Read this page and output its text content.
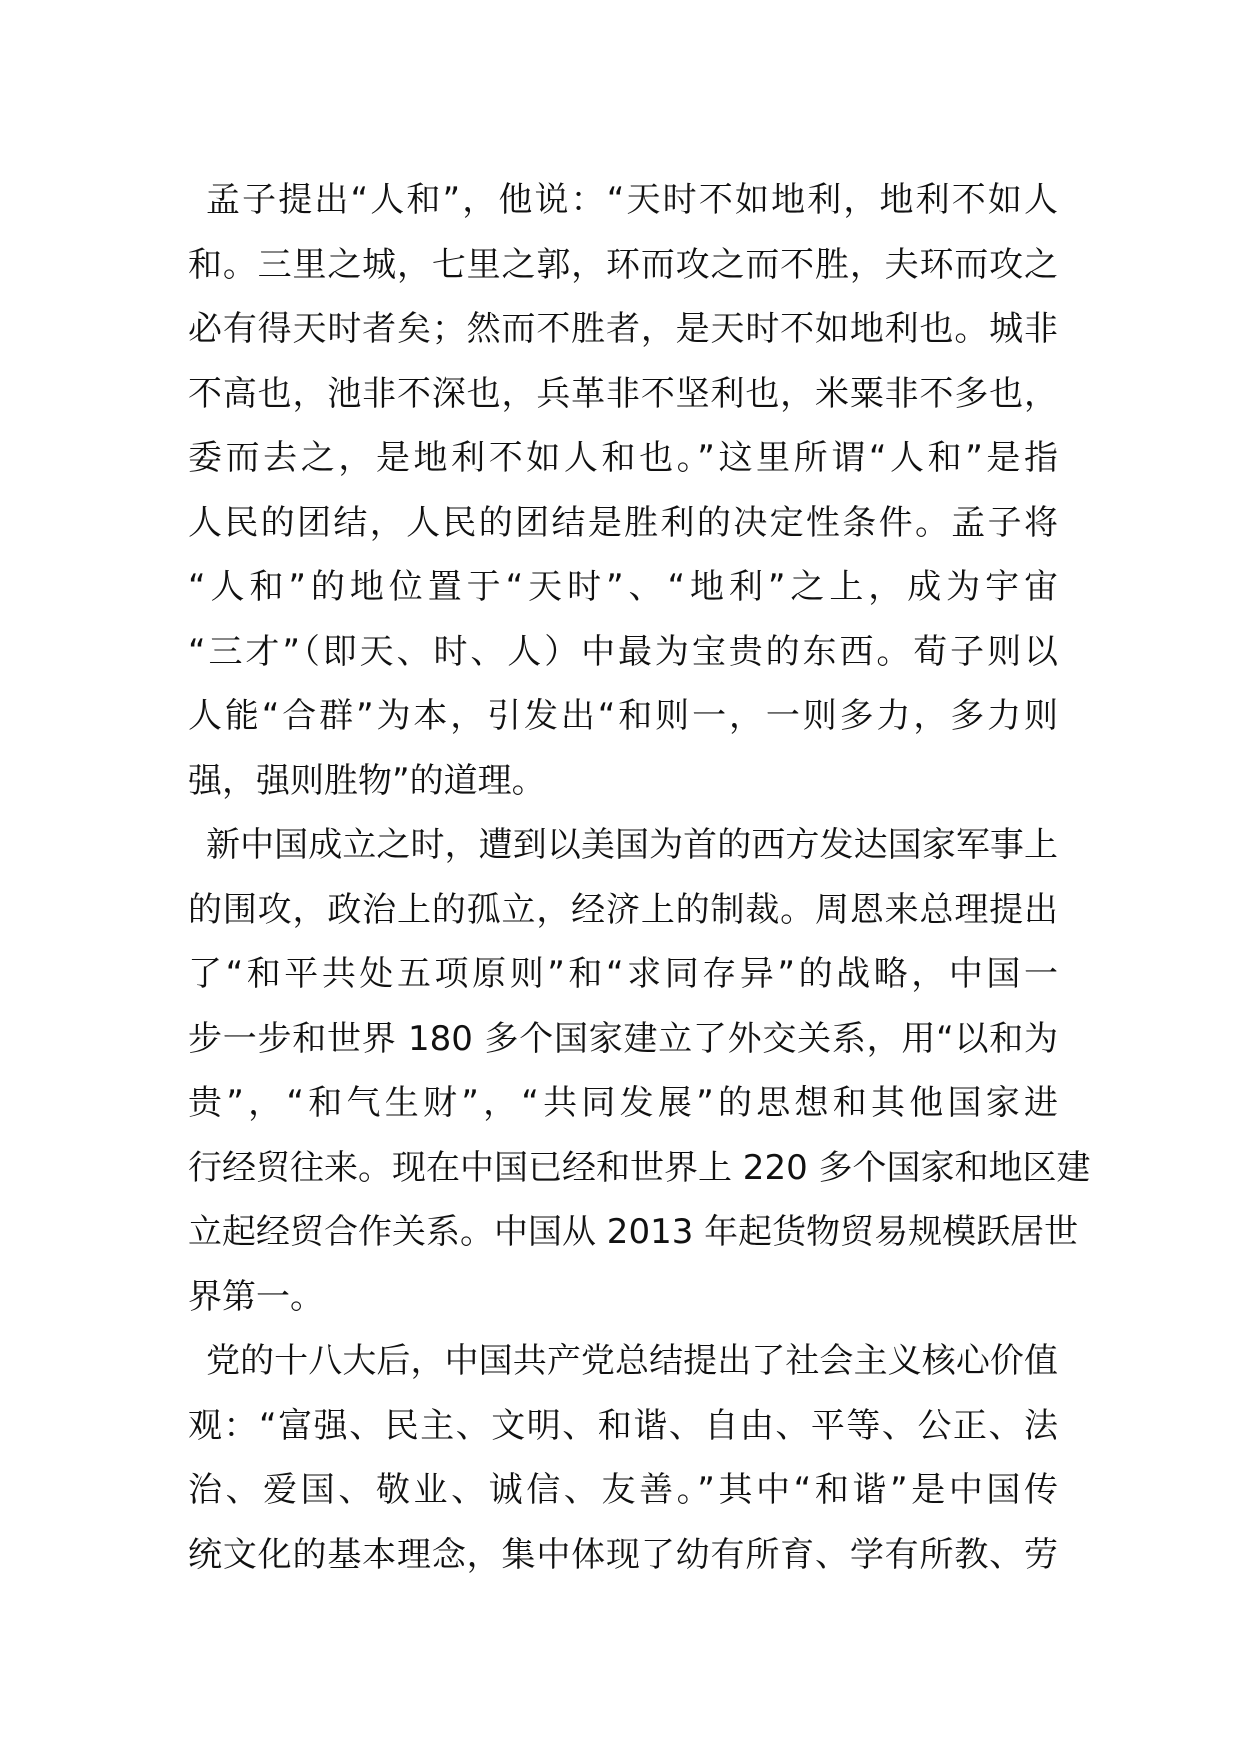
孟子提出“人和”，他说：“天时不如地利，地利不如人
和。三里之城，七里之郭，环而攻之而不胜，夫环而攻之
必有得天时者矣；然而不胜者，是天时不如地利也。城非
不高也，池非不深也，兵革非不坚利也，米粟非不多也，
委而去之，是地利不如人和也。”这里所谓“人和”是指
人民的团结，人民的团结是胜利的决定性条件。孟子将
“人和”的地位置于“天时”、“地利”之上，成为宇宙
“三才”（即天、时、人）中最为宝贵的东西。荀子则以
人能“合群”为本，引发出“和则一，一则多力，多力则
强，强则胜物”的道理。
新中国成立之时，遭到以美国为首的西方发达国家军事上
的围攻，政治上的孤立，经济上的制裁。周恩来总理提出
了“和平共处五项原则”和“求同存异”的战略，中国一
步一步和世界 180 多个国家建立了外交关系，用“以和为
贵”，“和气生财”，“共同发展”的思想和其他国家进
行经贸往来。现在中国已经和世界上 220 多个国家和地区建
立起经贸合作关系。中国从 2013 年起货物贸易规模跃居世
界第一。
党的十八大后，中国共产党总结提出了社会主义核心价值
观：“富强、民主、文明、和谐、自由、平等、公正、法
治、爱国、敬业、诚信、友善。”其中“和谐”是中国传
统文化的基本理念，集中体现了幼有所育、学有所教、劳
